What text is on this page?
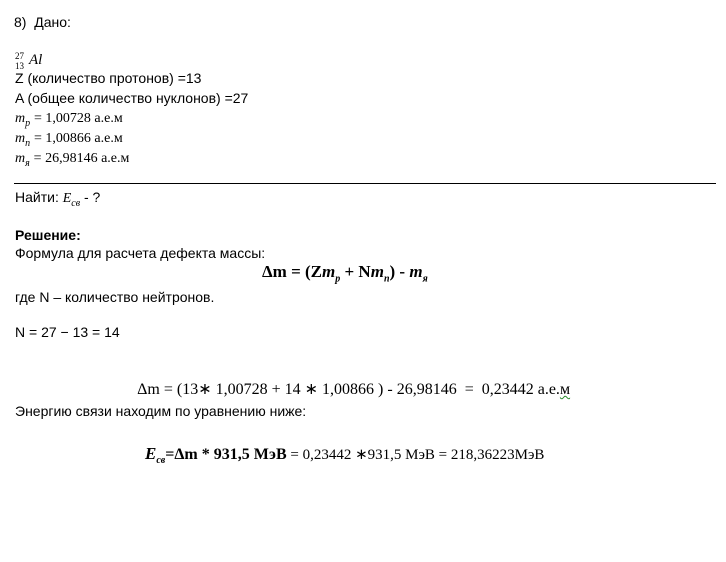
8) Дано:
27
13 Al
Z (количество протонов) =13
A (общее количество нуклонов) =27
$m_p = 1,00728$ а.е.м
$m_n = 1,00866$ а.е.м
$m_я = 26,98146$ а.е.м
Найти: $E_{св}$ - ?
Решение:
Формула для расчета дефекта массы:
$\Delta m = (Zm_p + Nm_n) - m_я$
где N – количество нейтронов.
N = 27 − 13 = 14

Δm = (13∗ 1,00728 + 14 ∗ 1,00866 ) - 26,98146  =  0,23442 а.е.м

Энергию связи находим по уравнению ниже:
$E_{св}=\Delta m * 931,5$ МэВ = 0,23442 ∗931,5 МэВ = 218,36223МэВ
